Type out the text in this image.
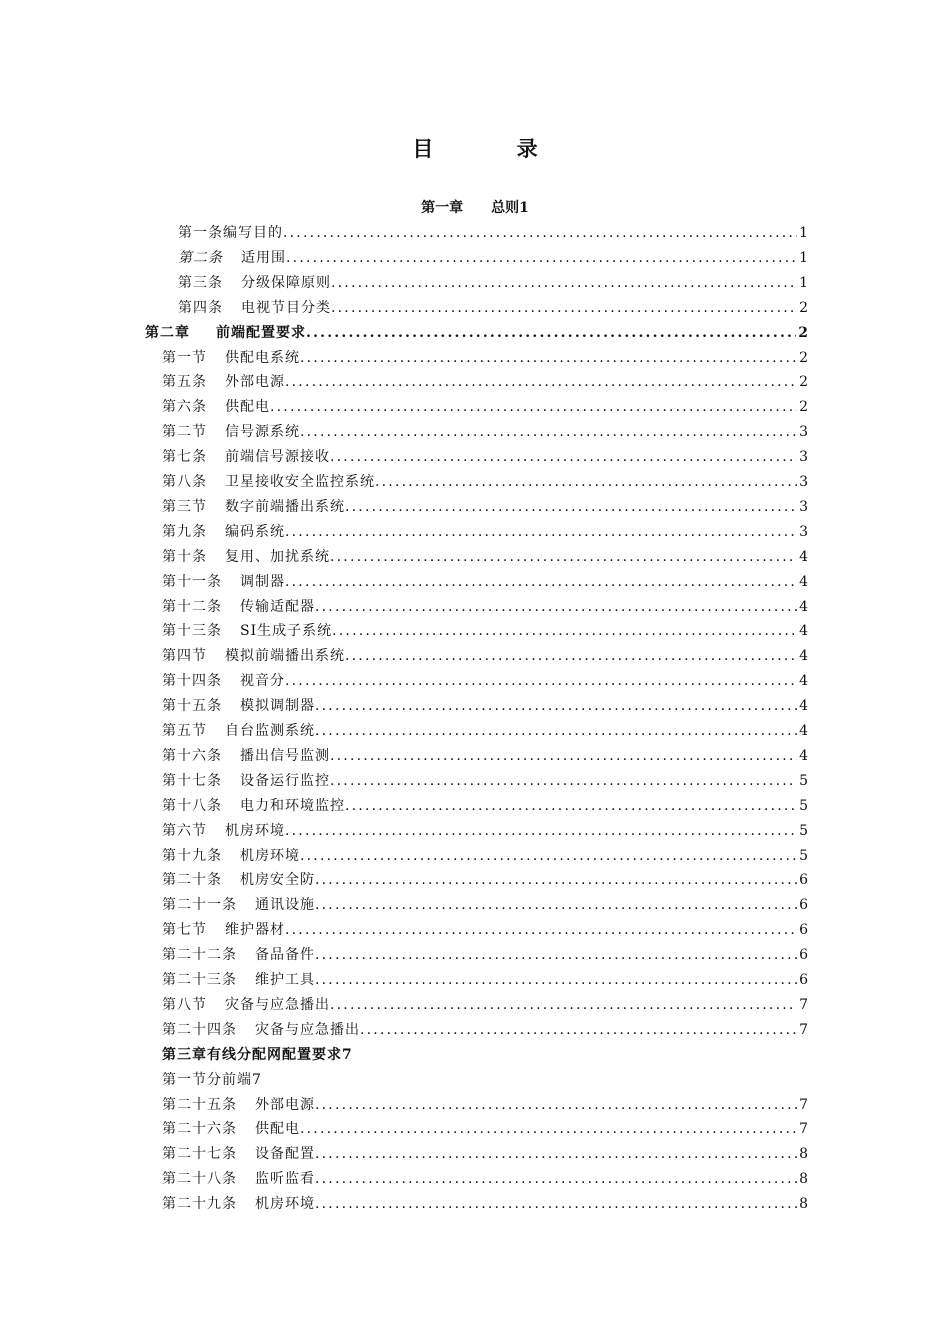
目 录
第一章 总则1
第一条编写目的 .....	1
第二条 适用围 .....	1
第三条 分级保障原则 .....	1
第四条 电视节目分类 .....	2
第二章 前端配置要求 .....	2
第一节 供配电系统 .....	2
第五条 外部电源 .....	2
第六条 供配电 .....	2
第二节 信号源系统 .....	3
第七条 前端信号源接收 .....	3
第八条 卫星接收安全监控系统 .....	3
第三节 数字前端播出系统 .....	3
第九条 编码系统 .....	3
第十条 复用、加扰系统 .....	4
第十一条 调制器 .....	4
第十二条 传输适配器 .....	4
第十三条 SI生成子系统 .....	4
第四节 模拟前端播出系统 .....	4
第十四条 视音分 .....	4
第十五条 模拟调制器 .....	4
第五节 自台监测系统 .....	4
第十六条 播出信号监测 .....	4
第十七条 设备运行监控 .....	5
第十八条 电力和环境监控 .....	5
第六节 机房环境 .....	5
第十九条 机房环境 .....	5
第二十条 机房安全防 .....	6
第二十一条 通讯设施 .....	6
第七节 维护器材 .....	6
第二十二条 备品备件 .....	6
第二十三条 维护工具 .....	6
第八节 灾备与应急播出 .....	7
第二十四条 灾备与应急播出 .....	7
第三章有线分配网配置要求7
第一节分前端7
第二十五条 外部电源 .....	7
第二十六条 供配电 .....	7
第二十七条 设备配置 .....	8
第二十八条 监听监看 .....	8
第二十九条 机房环境 .....	8
